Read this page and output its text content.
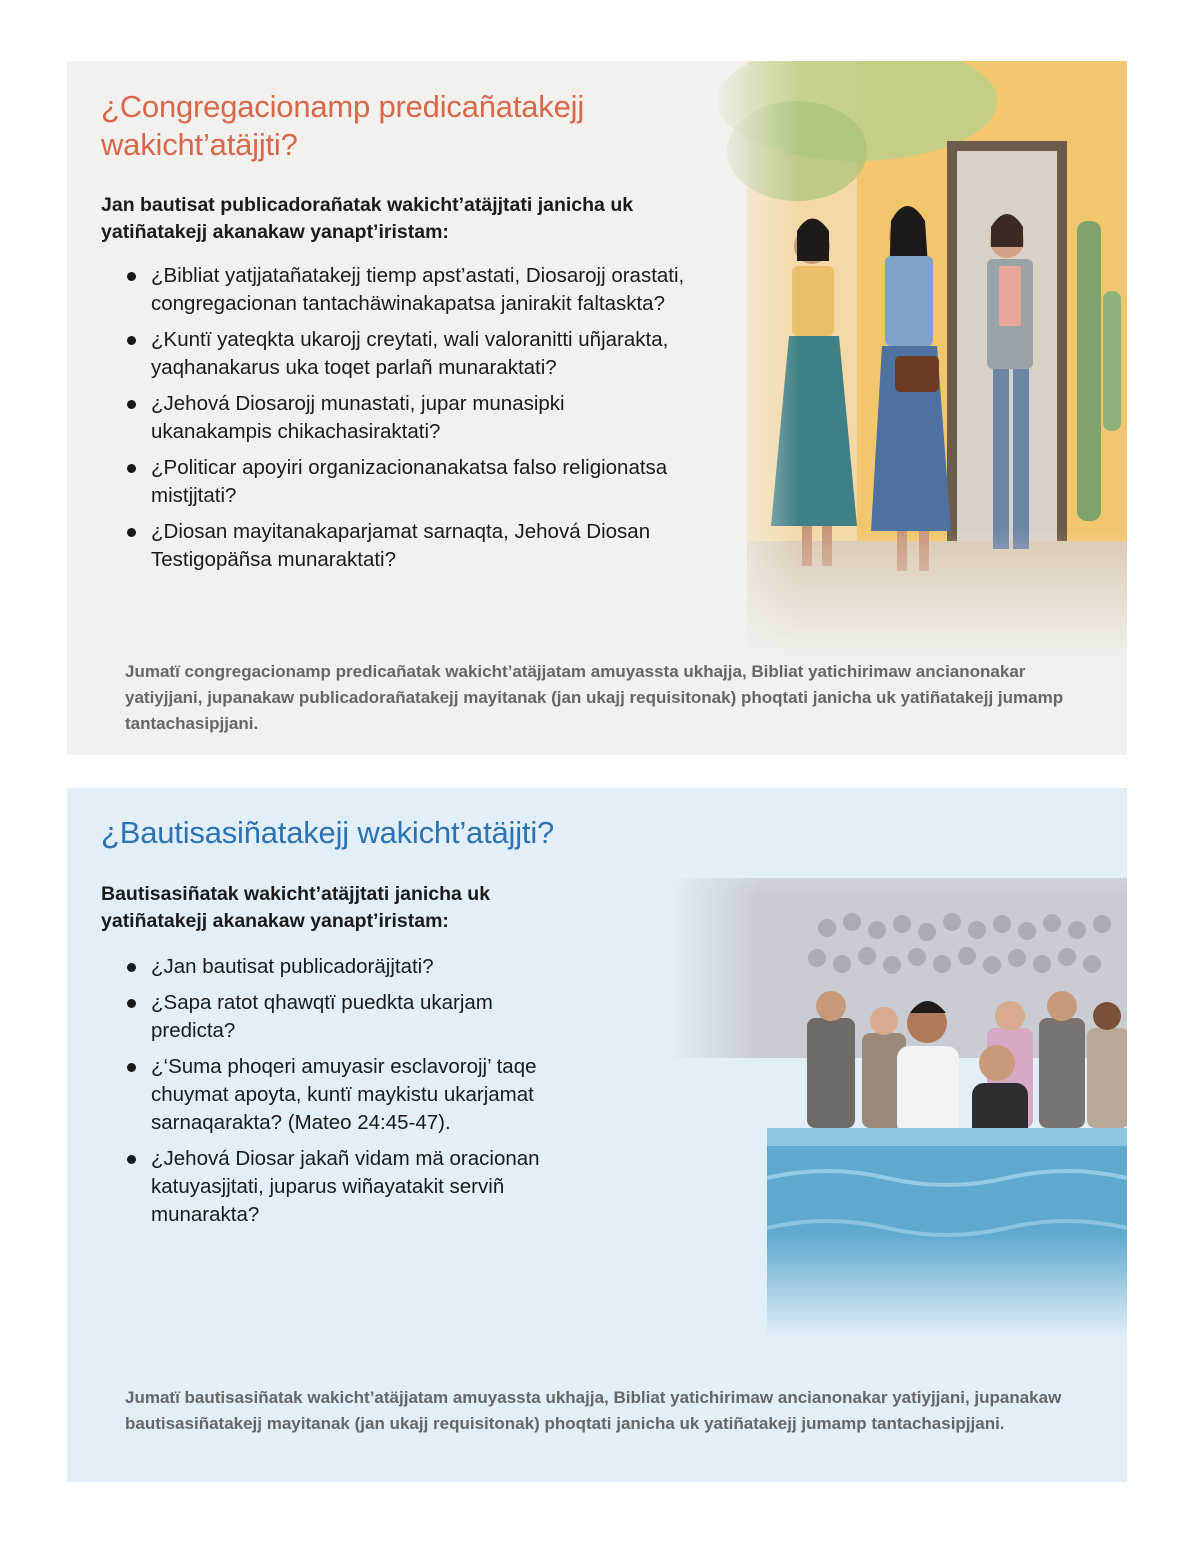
¿Congregacionamp predicañatakejj wakicht’atäjjti?

Jan bautisat publicadorañatak wakicht’atäjjtati janicha uk yatiñatakejj akanakaw yanapt’iristam:

¿Bibliat yatjjatañatakejj tiemp apst’astati, Diosarojj orastati, congregacionan tantachäwinakapatsa janirakit faltaskta?
¿Kuntï yateqkta ukarojj creytati, wali valoranitti uñjarakta, yaqhanakarus uka toqet parlañ munaraktati?
¿Jehová Diosarojj munastati, jupar munasipki ukanakampis chikachasiraktati?
¿Politicar apoyiri organizacionanakatsa falso religionatsa mistjjtati?
¿Diosan mayitanakaparjamat sarnaqta, Jehová Diosan Testigopäñsa munaraktati?

Jumatï congregacionamp predicañatak wakicht’atäjjatam amuyassta ukhajja, Bibliat yatichirimaw ancianonakar yatiyjjani, jupanakaw publicadorañatakejj mayitanak (jan ukajj requisitonak) phoqtati janicha uk yatiñatakejj jumamp tantachasipjjani.

¿Bautisasiñatakejj wakicht’atäjjti?

Bautisasiñatak wakicht’atäjjtati janicha uk yatiñatakejj akanakaw yanapt’iristam:

¿Jan bautisat publicadoräjjtati?
¿Sapa ratot qhawqtï puedkta ukarjam predicta?
¿‘Suma phoqeri amuyasir esclavorojj’ taqe chuymat apoyta, kuntï maykistu ukarjamat sarnaqarakta? (Mateo 24:45-47).
¿Jehová Diosar jakañ vidam mä oracionan katuyasjjtati, juparus wiñayatakit serviñ munarakta?

Jumatï bautisasiñatak wakicht’atäjjatam amuyassta ukhajja, Bibliat yatichirimaw ancianonakar yatiyjjani, jupanakaw bautisasiñatakejj mayitanak (jan ukajj requisitonak) phoqtati janicha uk yatiñatakejj jumamp tantachasipjjani.
